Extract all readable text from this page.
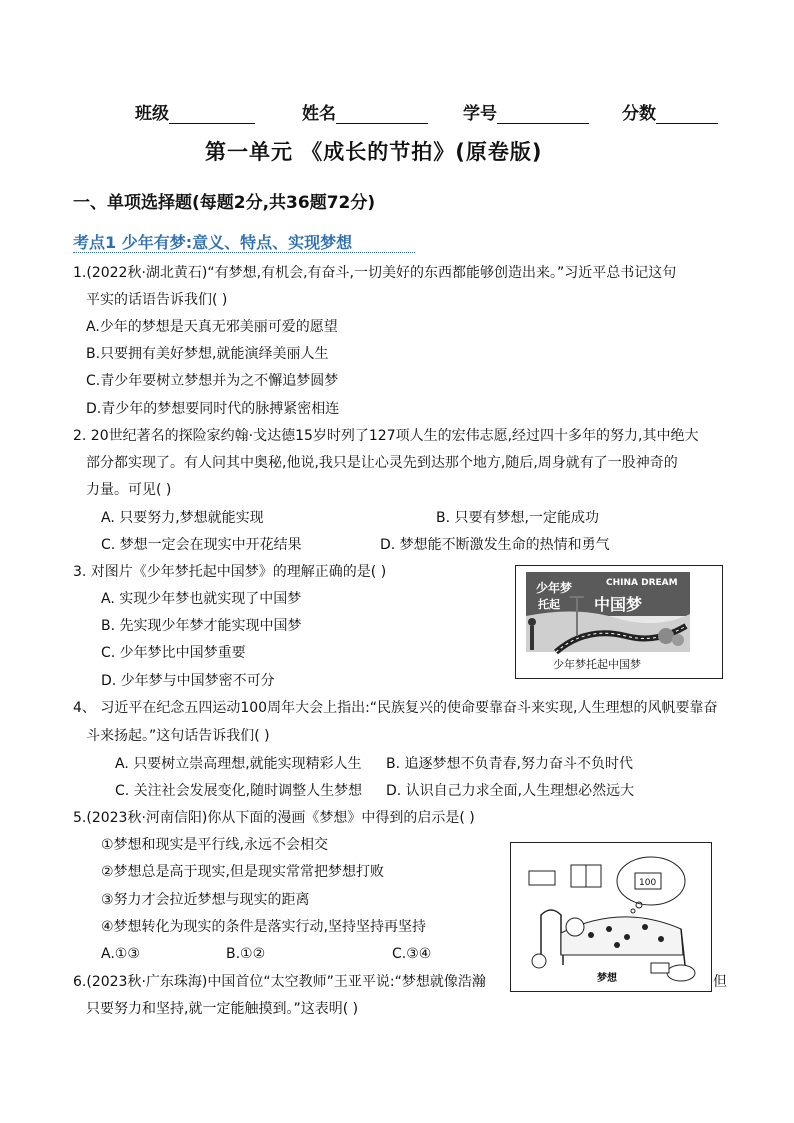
班级	姓名	学号	分数
第一单元 《成长的节拍》(原卷版)
一、单项选择题(每题2分,共36题72分)
考点1 少年有梦:意义、特点、实现梦想
1.(2022秋·湖北黄石)“有梦想,有机会,有奋斗,一切美好的东西都能够创造出来。”习近平总书记这句
平实的话语告诉我们( )
A.少年的梦想是天真无邪美丽可爱的愿望
B.只要拥有美好梦想,就能演绎美丽人生
C.青少年要树立梦想并为之不懈追梦圆梦
D.青少年的梦想要同时代的脉搏紧密相连
2. 20世纪著名的探险家约翰·戈达德15岁时列了127项人生的宏伟志愿,经过四十多年的努力,其中绝大
部分都实现了。有人问其中奥秘,他说,我只是让心灵先到达那个地方,随后,周身就有了一股神奇的
力量。可见( )
A. 只要努力,梦想就能实现	B. 只要有梦想,一定能成功
C. 梦想一定会在现实中开花结果	D. 梦想能不断激发生命的热情和勇气
3. 对图片《少年梦托起中国梦》的理解正确的是( )
A. 实现少年梦也就实现了中国梦
B. 先实现少年梦才能实现中国梦
C. 少年梦比中国梦重要
D. 少年梦与中国梦密不可分
少年梦
托起
CHINA DREAM
中国梦
少年梦托起中国梦
4、 习近平在纪念五四运动100周年大会上指出:“民族复兴的使命要靠奋斗来实现,人生理想的风帆要靠奋
斗来扬起。”这句话告诉我们( )
A. 只要树立崇高理想,就能实现精彩人生 B. 追逐梦想不负青春,努力奋斗不负时代
C. 关注社会发展变化,随时调整人生梦想 D. 认识自己力求全面,人生理想必然远大
5.(2023秋·河南信阳)你从下面的漫画《梦想》中得到的启示是( )
①梦想和现实是平行线,永远不会相交
②梦想总是高于现实,但是现实常常把梦想打败
③努力才会拉近梦想与现实的距离
④梦想转化为现实的条件是落实行动,坚持坚持再坚持
A.①③	B.①②	C.③④
100
梦想
6.(2023秋·广东珠海)中国首位“太空教师”王亚平说:“梦想就像浩瀚	但
只要努力和坚持,就一定能触摸到。”这表明( )
